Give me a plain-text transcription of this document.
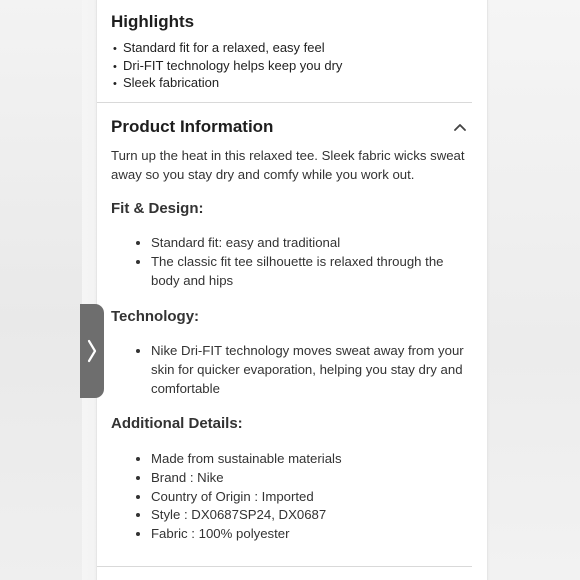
Highlights
• Standard fit for a relaxed, easy feel
• Dri-FIT technology helps keep you dry
• Sleek fabrication
Product Information

Turn up the heat in this relaxed tee. Sleek fabric wicks sweat away so you stay dry and comfy while you work out.

Fit & Design:
• Standard fit: easy and traditional
• The classic fit tee silhouette is relaxed through the body and hips
Technology:
• Nike Dri-FIT technology moves sweat away from your skin for quicker evaporation, helping you stay dry and comfortable
Additional Details:
• Made from sustainable materials
• Brand : Nike
• Country of Origin : Imported
• Style : DX0687SP24, DX0687
• Fabric : 100% polyester
